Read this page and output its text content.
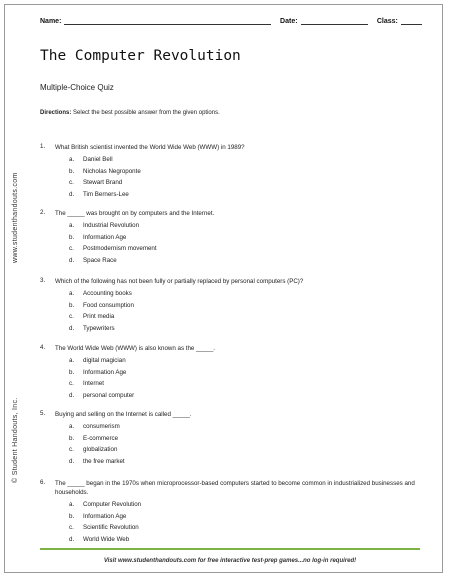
www.studenthandouts.com
© Student Handouts, Inc.
Name:	Date:	Class:
The Computer Revolution
Multiple-Choice Quiz
Directions: Select the best possible answer from the given options.
1.	What British scientist invented the World Wide Web (WWW) in 1989?
a.	Daniel Bell
b.	Nicholas Negroponte
c.	Stewart Brand
d.	Tim Berners-Lee
2.	The _____ was brought on by computers and the Internet.
a.	Industrial Revolution
b.	Information Age
c.	Postmodernism movement
d.	Space Race
3.	Which of the following has not been fully or partially replaced by personal computers (PC)?
a.	Accounting books
b.	Food consumption
c.	Print media
d.	Typewriters
4.	The World Wide Web (WWW) is also known as the _____.
a.	digital magician
b.	Information Age
c.	Internet
d.	personal computer
5.	Buying and selling on the Internet is called _____.
a.	consumerism
b.	E-commerce
c.	globalization
d.	the free market
6.	The _____ began in the 1970s when microprocessor-based computers started to become common in industrialized businesses and households.
a.	Computer Revolution
b.	Information Age
c.	Scientific Revolution
d.	World Wide Web
Visit www.studenthandouts.com for free interactive test-prep games...no log-in required!
